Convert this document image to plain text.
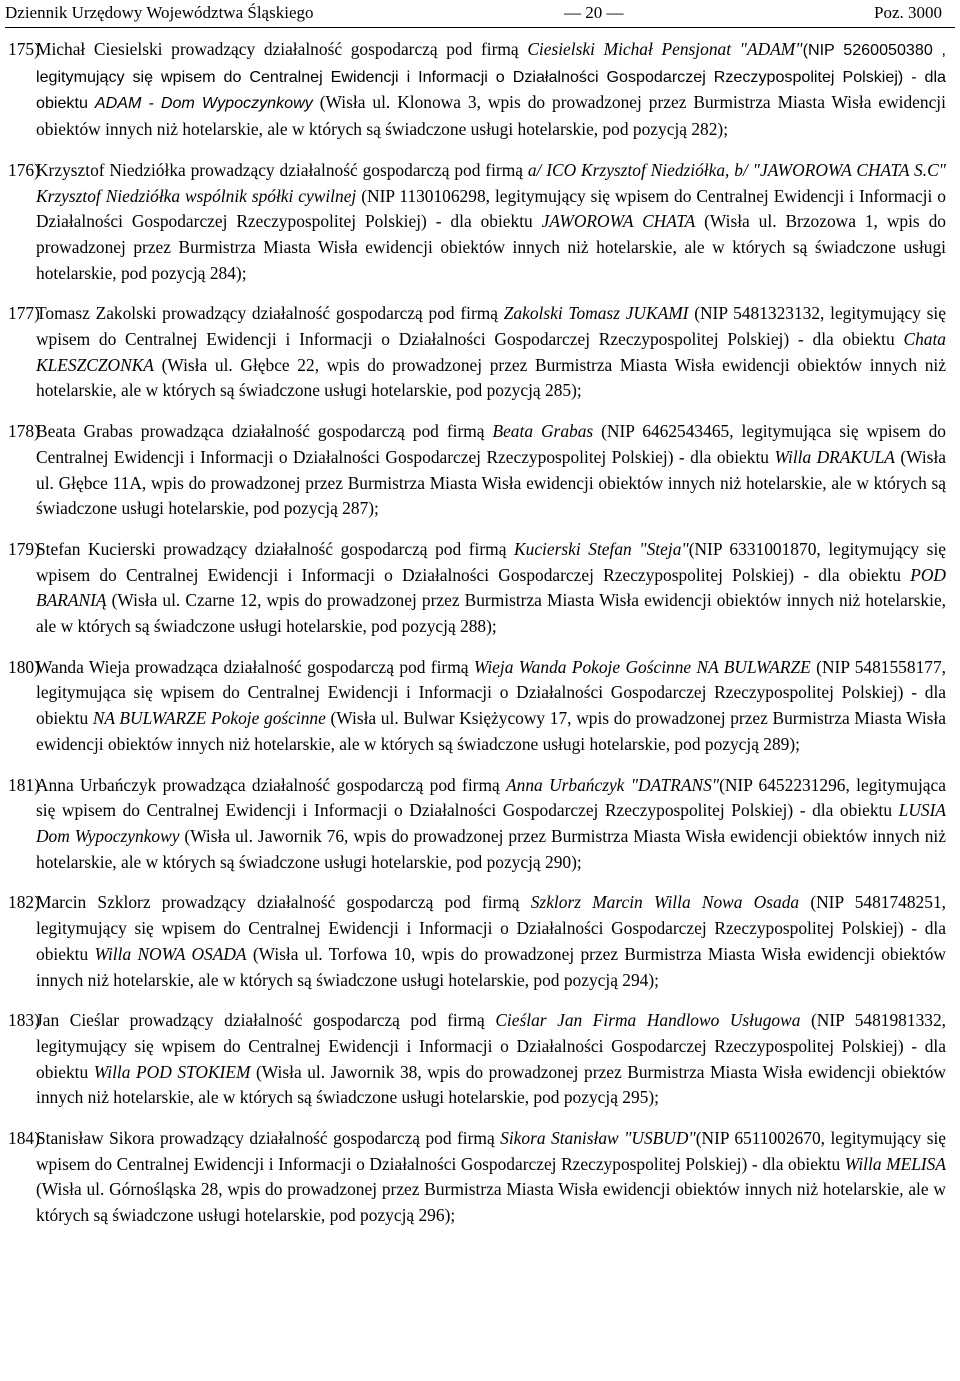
Dziennik Urzędowy Województwa Śląskiego	— 20 —	Poz. 3000
175)
Michał Ciesielski prowadzący działalność gospodarczą pod firmą Ciesielski Michał Pensjonat "ADAM"(NIP 5260050380 , legitymujący się wpisem do Centralnej Ewidencji i Informacji o Działalności Gospodarczej Rzeczypospolitej Polskiej) - dla obiektu ADAM - Dom Wypoczynkowy (Wisła ul. Klonowa 3, wpis do prowadzonej przez Burmistrza Miasta Wisła ewidencji obiektów innych niż hotelarskie, ale w których są świadczone usługi hotelarskie, pod pozycją 282);
176)
Krzysztof Niedziółka prowadzący działalność gospodarczą pod firmą a/ ICO Krzysztof Niedziółka, b/ "JAWOROWA CHATA S.C" Krzysztof Niedziółka wspólnik spółki cywilnej (NIP 1130106298, legitymujący się wpisem do Centralnej Ewidencji i Informacji o Działalności Gospodarczej Rzeczypospolitej Polskiej) - dla obiektu JAWOROWA CHATA (Wisła ul. Brzozowa 1, wpis do prowadzonej przez Burmistrza Miasta Wisła ewidencji obiektów innych niż hotelarskie, ale w których są świadczone usługi hotelarskie, pod pozycją 284);
177)
Tomasz Zakolski prowadzący działalność gospodarczą pod firmą Zakolski Tomasz JUKAMI (NIP 5481323132, legitymujący się wpisem do Centralnej Ewidencji i Informacji o Działalności Gospodarczej Rzeczypospolitej Polskiej) - dla obiektu Chata KLESZCZONKA (Wisła ul. Głębce 22, wpis do prowadzonej przez Burmistrza Miasta Wisła ewidencji obiektów innych niż hotelarskie, ale w których są świadczone usługi hotelarskie, pod pozycją 285);
178)
Beata Grabas prowadząca działalność gospodarczą pod firmą Beata Grabas (NIP 6462543465, legitymująca się wpisem do Centralnej Ewidencji i Informacji o Działalności Gospodarczej Rzeczypospolitej Polskiej) - dla obiektu Willa DRAKULA (Wisła ul. Głębce 11A, wpis do prowadzonej przez Burmistrza Miasta Wisła ewidencji obiektów innych niż hotelarskie, ale w których są świadczone usługi hotelarskie, pod pozycją 287);
179)
Stefan Kucierski prowadzący działalność gospodarczą pod firmą Kucierski Stefan "Steja"(NIP 6331001870, legitymujący się wpisem do Centralnej Ewidencji i Informacji o Działalności Gospodarczej Rzeczypospolitej Polskiej) - dla obiektu POD BARANIĄ (Wisła ul. Czarne 12, wpis do prowadzonej przez Burmistrza Miasta Wisła ewidencji obiektów innych niż hotelarskie, ale w których są świadczone usługi hotelarskie, pod pozycją 288);
180)
Wanda Wieja prowadząca działalność gospodarczą pod firmą Wieja Wanda Pokoje Gościnne NA BULWARZE (NIP 5481558177, legitymująca się wpisem do Centralnej Ewidencji i Informacji o Działalności Gospodarczej Rzeczypospolitej Polskiej) - dla obiektu NA BULWARZE Pokoje gościnne (Wisła ul. Bulwar Księżycowy 17, wpis do prowadzonej przez Burmistrza Miasta Wisła ewidencji obiektów innych niż hotelarskie, ale w których są świadczone usługi hotelarskie, pod pozycją 289);
181)
Anna Urbańczyk prowadząca działalność gospodarczą pod firmą Anna Urbańczyk "DATRANS"(NIP 6452231296, legitymująca się wpisem do Centralnej Ewidencji i Informacji o Działalności Gospodarczej Rzeczypospolitej Polskiej) - dla obiektu LUSIA Dom Wypoczynkowy (Wisła ul. Jawornik 76, wpis do prowadzonej przez Burmistrza Miasta Wisła ewidencji obiektów innych niż hotelarskie, ale w których są świadczone usługi hotelarskie, pod pozycją 290);
182)
Marcin Szklorz prowadzący działalność gospodarczą pod firmą Szklorz Marcin Willa Nowa Osada (NIP 5481748251, legitymujący się wpisem do Centralnej Ewidencji i Informacji o Działalności Gospodarczej Rzeczypospolitej Polskiej) - dla obiektu Willa NOWA OSADA (Wisła ul. Torfowa 10, wpis do prowadzonej przez Burmistrza Miasta Wisła ewidencji obiektów innych niż hotelarskie, ale w których są świadczone usługi hotelarskie, pod pozycją 294);
183)
Jan Cieślar prowadzący działalność gospodarczą pod firmą Cieślar Jan Firma Handlowo Usługowa (NIP 5481981332, legitymujący się wpisem do Centralnej Ewidencji i Informacji o Działalności Gospodarczej Rzeczypospolitej Polskiej) - dla obiektu Willa POD STOKIEM (Wisła ul. Jawornik 38, wpis do prowadzonej przez Burmistrza Miasta Wisła ewidencji obiektów innych niż hotelarskie, ale w których są świadczone usługi hotelarskie, pod pozycją 295);
184)
Stanisław Sikora prowadzący działalność gospodarczą pod firmą Sikora Stanisław "USBUD"(NIP 6511002670, legitymujący się wpisem do Centralnej Ewidencji i Informacji o Działalności Gospodarczej Rzeczypospolitej Polskiej) - dla obiektu Willa MELISA (Wisła ul. Górnośląska 28, wpis do prowadzonej przez Burmistrza Miasta Wisła ewidencji obiektów innych niż hotelarskie, ale w których są świadczone usługi hotelarskie, pod pozycją 296);
